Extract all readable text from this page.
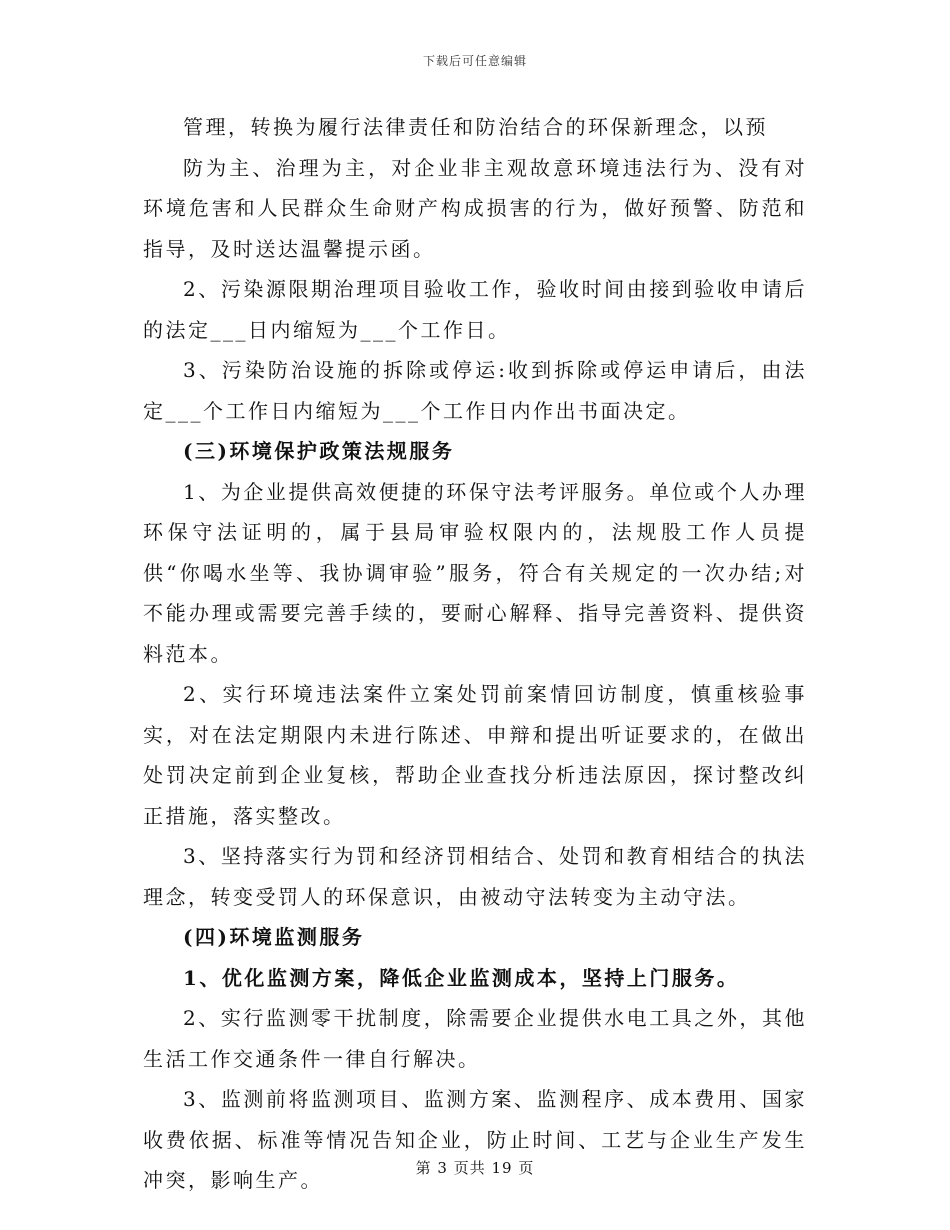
下载后可任意编辑

管理，转换为履行法律责任和防治结合的环保新理念，以预

防为主、治理为主，对企业非主观故意环境违法行为、没有对环境危害和人民群众生命财产构成损害的行为，做好预警、防范和指导，及时送达温馨提示函。

2、污染源限期治理项目验收工作，验收时间由接到验收申请后的法定___日内缩短为___个工作日。

3、污染防治设施的拆除或停运:收到拆除或停运申请后，由法定___个工作日内缩短为___个工作日内作出书面决定。

(三)环境保护政策法规服务

1、为企业提供高效便捷的环保守法考评服务。单位或个人办理环保守法证明的，属于县局审验权限内的，法规股工作人员提供“你喝水坐等、我协调审验”服务，符合有关规定的一次办结;对不能办理或需要完善手续的，要耐心解释、指导完善资料、提供资料范本。

2、实行环境违法案件立案处罚前案情回访制度，慎重核验事实，对在法定期限内未进行陈述、申辩和提出听证要求的，在做出处罚决定前到企业复核，帮助企业查找分析违法原因，探讨整改纠正措施，落实整改。

3、坚持落实行为罚和经济罚相结合、处罚和教育相结合的执法理念，转变受罚人的环保意识，由被动守法转变为主动守法。

(四)环境监测服务

1、优化监测方案，降低企业监测成本，坚持上门服务。

2、实行监测零干扰制度，除需要企业提供水电工具之外，其他生活工作交通条件一律自行解决。

3、监测前将监测项目、监测方案、监测程序、成本费用、国家收费依据、标准等情况告知企业，防止时间、工艺与企业生产发生冲突，影响生产。	第 3 页共 19 页
